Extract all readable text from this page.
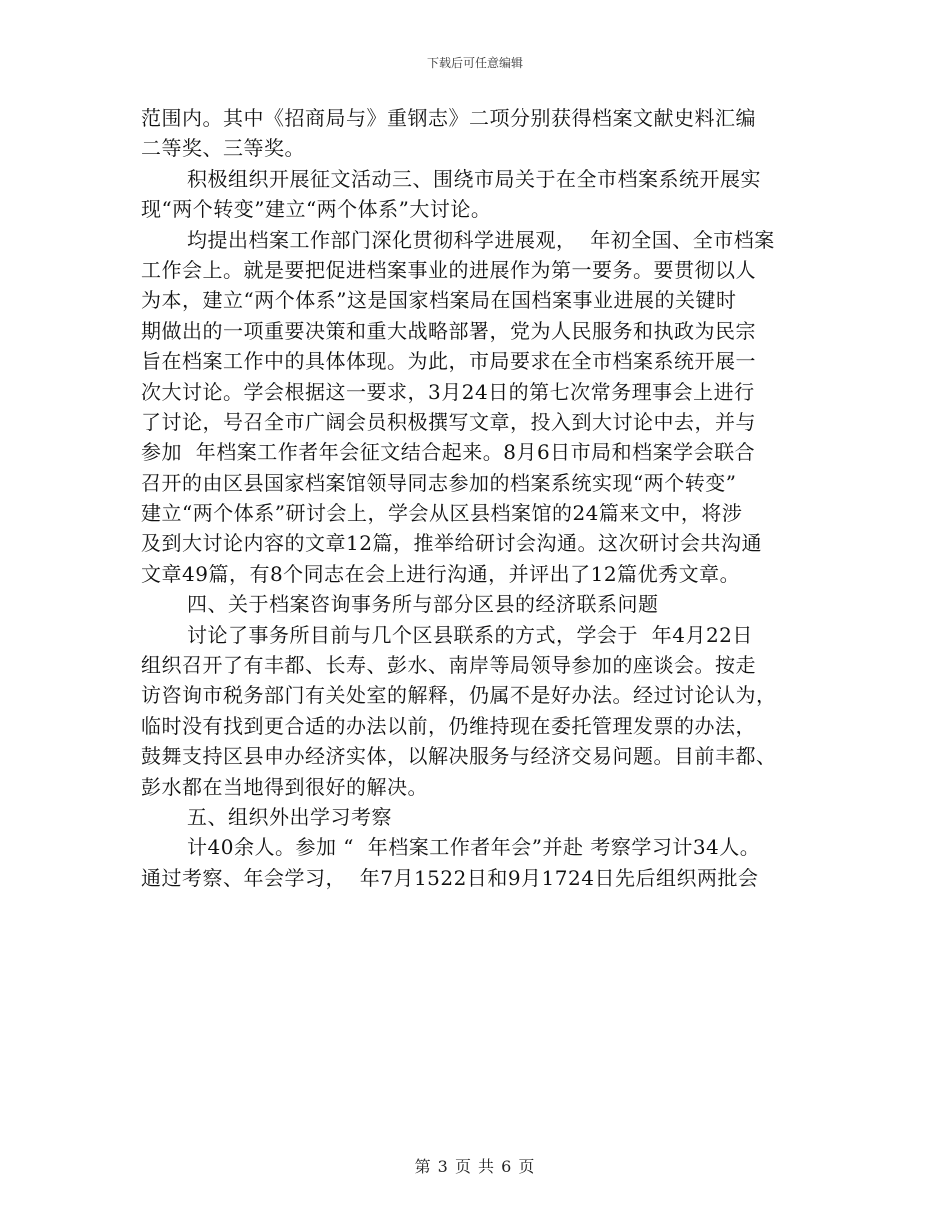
下载后可任意编辑
范围内。其中《招商局与》重钢志》二项分别获得档案文献史料汇编
二等奖、三等奖。
积极组织开展征文活动三、围绕市局关于在全市档案系统开展实
现“两个转变”建立“两个体系”大讨论。
均提出档案工作部门深化贯彻科学进展观，  年初全国、全市档案
工作会上。就是要把促进档案事业的进展作为第一要务。要贯彻以人
为本，建立“两个体系”这是国家档案局在国档案事业进展的关键时
期做出的一项重要决策和重大战略部署，党为人民服务和执政为民宗
旨在档案工作中的具体体现。为此，市局要求在全市档案系统开展一
次大讨论。学会根据这一要求，3月24日的第七次常务理事会上进行
了讨论，号召全市广阔会员积极撰写文章，投入到大讨论中去，并与
参加  年档案工作者年会征文结合起来。8月6日市局和档案学会联合
召开的由区县国家档案馆领导同志参加的档案系统实现“两个转变”
建立“两个体系”研讨会上，学会从区县档案馆的24篇来文中，将涉
及到大讨论内容的文章12篇，推举给研讨会沟通。这次研讨会共沟通
文章49篇，有8个同志在会上进行沟通，并评出了12篇优秀文章。
四、关于档案咨询事务所与部分区县的经济联系问题
讨论了事务所目前与几个区县联系的方式，学会于  年4月22日
组织召开了有丰都、长寿、彭水、南岸等局领导参加的座谈会。按走
访咨询市税务部门有关处室的解释，仍属不是好办法。经过讨论认为，
临时没有找到更合适的办法以前，仍维持现在委托管理发票的办法，
鼓舞支持区县申办经济实体，以解决服务与经济交易问题。目前丰都、
彭水都在当地得到很好的解决。
五、组织外出学习考察
计40余人。参加 “  年档案工作者年会”并赴 考察学习计34人。
通过考察、年会学习，  年7月1522日和9月1724日先后组织两批会
第 3 页 共 6 页
